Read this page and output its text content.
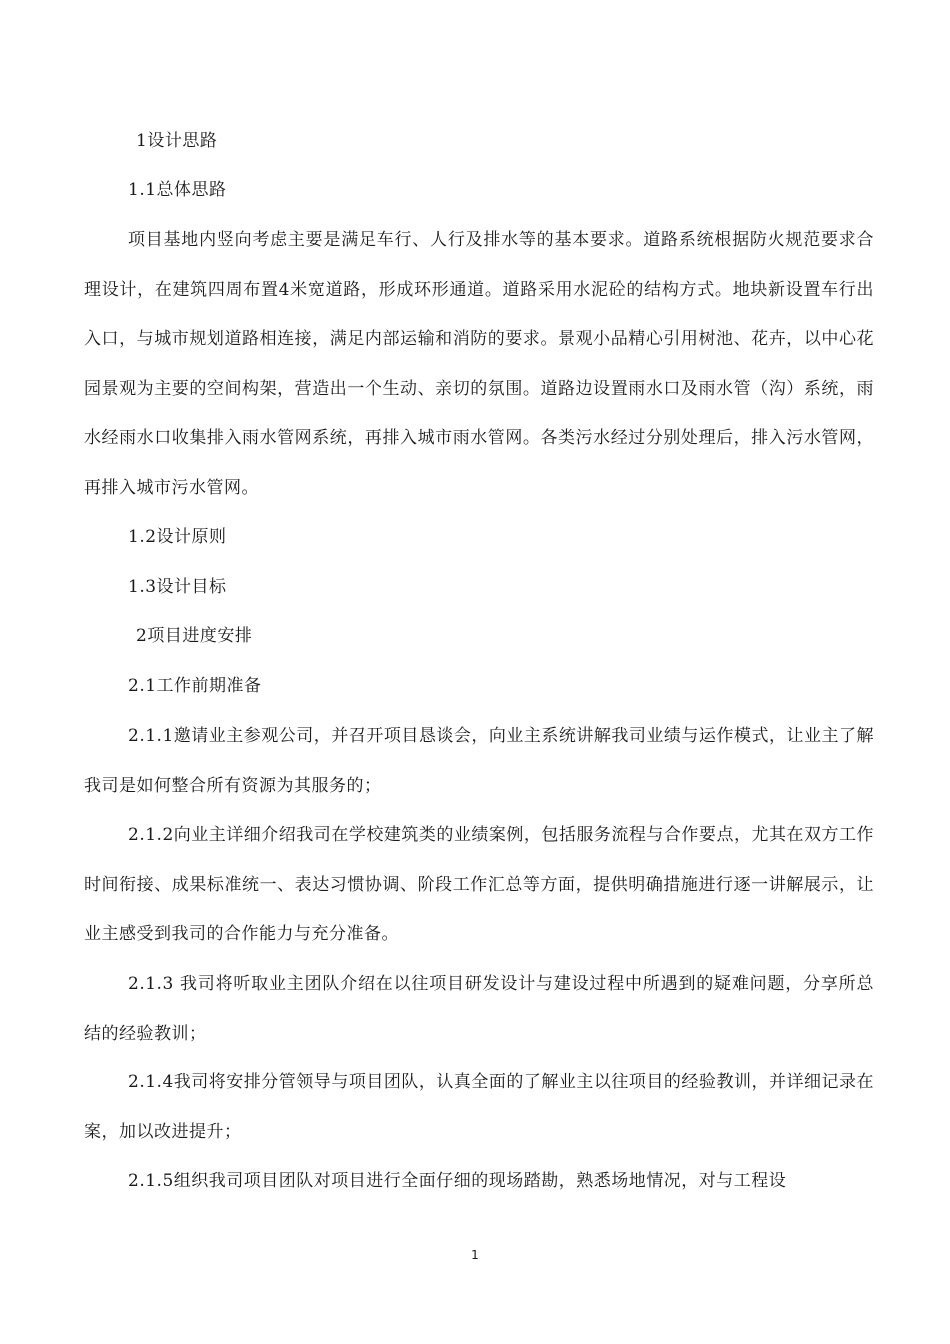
1设计思路
1.1总体思路
项目基地内竖向考虑主要是满足车行、人行及排水等的基本要求。道路系统根据防火规范要求合理设计，在建筑四周布置4米宽道路，形成环形通道。道路采用水泥砼的结构方式。地块新设置车行出入口，与城市规划道路相连接，满足内部运输和消防的要求。景观小品精心引用树池、花卉，以中心花园景观为主要的空间构架，营造出一个生动、亲切的氛围。道路边设置雨水口及雨水管（沟）系统，雨水经雨水口收集排入雨水管网系统，再排入城市雨水管网。各类污水经过分别处理后，排入污水管网，再排入城市污水管网。
1.2设计原则
1.3设计目标
2项目进度安排
2.1工作前期准备
2.1.1邀请业主参观公司，并召开项目恳谈会，向业主系统讲解我司业绩与运作模式，让业主了解我司是如何整合所有资源为其服务的；
2.1.2向业主详细介绍我司在学校建筑类的业绩案例，包括服务流程与合作要点，尤其在双方工作时间衔接、成果标准统一、表达习惯协调、阶段工作汇总等方面，提供明确措施进行逐一讲解展示，让业主感受到我司的合作能力与充分准备。
2.1.3 我司将听取业主团队介绍在以往项目研发设计与建设过程中所遇到的疑难问题，分享所总结的经验教训；
2.1.4我司将安排分管领导与项目团队，认真全面的了解业主以往项目的经验教训，并详细记录在案，加以改进提升；
2.1.5组织我司项目团队对项目进行全面仔细的现场踏勘，熟悉场地情况，对与工程设
1
